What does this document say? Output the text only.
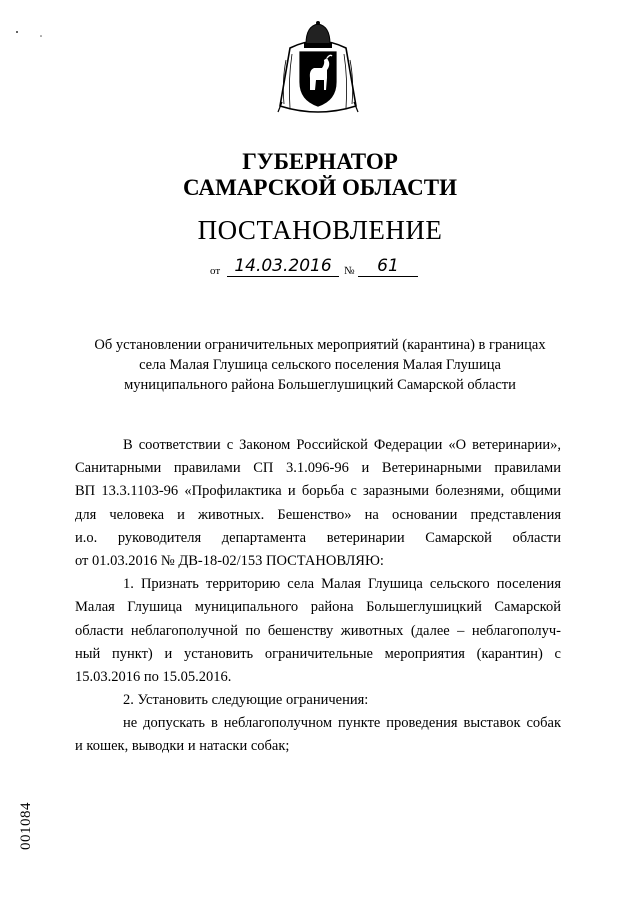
ГУБЕРНАТОР
САМАРСКОЙ ОБЛАСТИ
ПОСТАНОВЛЕНИЕ
от 14.03.2016	№	61
Об установлении ограничительных мероприятий (карантина) в границах
села Малая Глушица сельского поселения Малая Глушица
муниципального района Большеглушицкий Самарской области
В соответствии с Законом Российской Федерации «О ветеринарии»,
Санитарными правилами СП 3.1.096-96 и Ветеринарными правилами
ВП 13.3.1103-96 «Профилактика и борьба с заразными болезнями, общими
для человека и животных. Бешенство» на основании представления
и.о. руководителя департамента ветеринарии Самарской области
от 01.03.2016 № ДВ-18-02/153 ПОСТАНОВЛЯЮ:
1. Признать территорию села Малая Глушица сельского поселения
Малая Глушица муниципального района Большеглушицкий Самарской
области неблагополучной по бешенству животных (далее – неблагополуч-
ный пункт) и установить ограничительные мероприятия (карантин) с
15.03.2016 по 15.05.2016.
2. Установить следующие ограничения:
не допускать в неблагополучном пункте проведения выставок собак
и кошек, выводки и натаски собак;
001084
